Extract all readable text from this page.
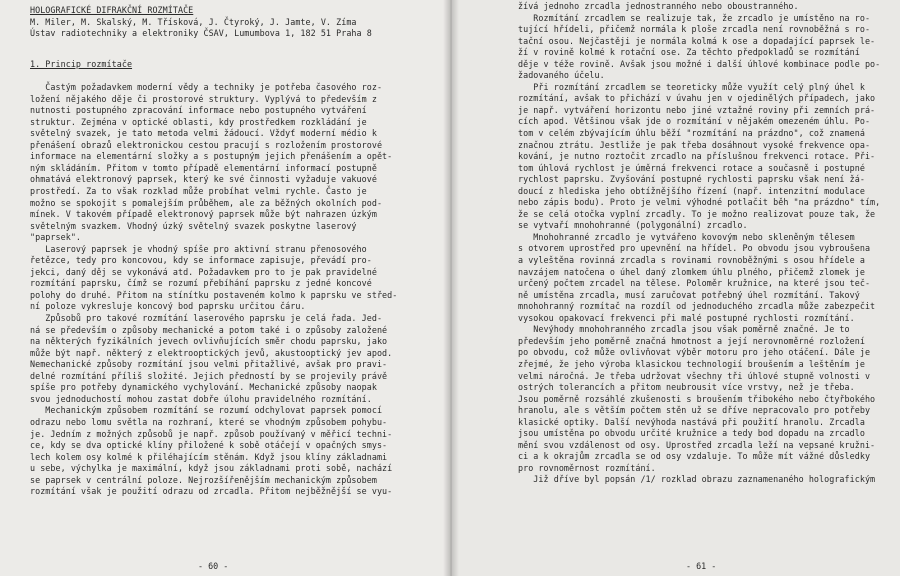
HOLOGRAFICKÉ DIFRAKČNÍ ROZMÍTAČE
M. Miler, M. Skalský, M. Třísková, J. Čtyroký, J. Jamte, V. Zíma
Ústav radiotechniky a elektroniky ČSAV, Lumumbova 1, 182 51 Praha 8
1. Princip rozmítače

Častým požadavkem moderní vědy a techniky je potřeba časového roz-
ložení nějakého děje či prostorové struktury. Vyplývá to především z
nutnosti postupného zpracování informace nebo postupného vytváření
struktur. Zejména v optické oblasti, kdy prostředkem rozkládání je
světelný svazek, je tato metoda velmi žádoucí. Vždyť moderní médio k
přenášení obrazů elektronickou cestou pracují s rozložením prostorové
informace na elementární složky a s postupným jejich přenášením a opět-
ným skládáním. Přitom v tomto případě elementární informací postupně
ohmatává elektronový paprsek, který ke své činnosti vyžaduje vakuové
prostředí. Za to však rozklad může probíhat velmi rychle. Často je
možno se spokojit s pomalejším průběhem, ale za běžných okolních pod-
mínek. V takovém případě elektronový paprsek může být nahrazen úzkým
světelným svazkem. Vhodný úzký světelný svazek poskytne laserový
"paprsek".
Laserový paprsek je vhodný spíše pro aktivní stranu přenosového
řetězce, tedy pro koncovou, kdy se informace zapisuje, převádí pro-
jekci, daný děj se vykonává atd. Požadavkem pro to je pak pravidelné
rozmítání paprsku, čímž se rozumí přebíhání paprsku z jedné koncové
polohy do druhé. Přitom na stínítku postaveném kolmo k paprsku ve střed-
ní poloze vykresluje koncový bod paprsku určitou čáru.
Způsobů pro takové rozmítání laserového paprsku je celá řada. Jed-
ná se především o způsoby mechanické a potom také i o způsoby založené
na některých fyzikálních jevech ovlivňujících směr chodu paprsku, jako
může být např. některý z elektrooptických jevů, akustooptický jev apod.
Nemechanické způsoby rozmítání jsou velmi přitažlivé, avšak pro pravi-
delné rozmítání příliš složité. Jejich předností by se projevily právě
spíše pro potřeby dynamického vychylování. Mechanické způsoby naopak
svou jednoduchostí mohou zastat dobře úlohu pravidelného rozmítání.
Mechanickým způsobem rozmítání se rozumí odchylovat paprsek pomocí
odrazu nebo lomu světla na rozhraní, které se vhodným způsobem pohybu-
je. Jedním z možných způsobů je např. způsob používaný v měřicí techni-
ce, kdy se dva optické klíny přiložené k sobě otáčejí v opačných smys-
lech kolem osy kolmé k přiléhajícím stěnám. Když jsou klíny základnami
u sebe, výchylka je maximální, když jsou základnami proti sobě, nachází
se paprsek v centrální poloze. Nejrozšířenějším mechanickým způsobem
rozmítání však je použití odrazu od zrcadla. Přitom nejběžnější se vyu-
- 60 -
žívá jednoho zrcadla jednostranného nebo oboustranného.
Rozmítání zrcadlem se realizuje tak, že zrcadlo je umístěno na ro-
tující hřídeli, přičemž normála k ploše zrcadla není rovnoběžná s ro-
tační osou. Nejčastěji je normála kolmá k ose a dopadající paprsek le-
ží v rovině kolmé k rotační ose. Za těchto předpokladů se rozmítání
děje v téže rovině. Avšak jsou možné i další úhlové kombinace podle po-
žadovaného účelu.
Při rozmítání zrcadlem se teoreticky může využít celý plný úhel k
rozmítání, avšak to přichází v úvahu jen v ojedinělých případech, jako
je např. vytváření horizontu nebo jiné vztažné roviny při zemních prá-
cích apod. Většinou však jde o rozmítání v nějakém omezeném úhlu. Po-
tom v celém zbývajícím úhlu běží "rozmítání na prázdno", což znamená
značnou ztrátu. Jestliže je pak třeba dosáhnout vysoké frekvence opa-
kování, je nutno roztočit zrcadlo na příslušnou frekvenci rotace. Při-
tom úhlová rychlost je úměrná frekvenci rotace a současně i postupné
rychlost paprsku. Zvyšování postupné rychlosti paprsku však není žá-
doucí z hlediska jeho obtížnějšího řízení (např. intenzitní modulace
nebo zápis bodu). Proto je velmi výhodné potlačit běh "na prázdno" tím,
že se celá otočka vyplní zrcadly. To je možno realizovat pouze tak, že
se vytvaří mnohohranné (polygonální) zrcadlo.
Mnohohranné zrcadlo je vytvářeno kovovým nebo skleněným tělesem
s otvorem uprostřed pro upevnění na hřídel. Po obvodu jsou vybroušena
a vyleštěna rovinná zrcadla s rovinami rovnoběžnými s osou hřídele a
navzájem natočena o úhel daný zlomkem úhlu plného, přičemž zlomek je
určený počtem zrcadel na tělese. Poloměr kružnice, na které jsou teč-
ně umístěna zrcadla, musí zaručovat potřebný úhel rozmítání. Takový
mnohohranný rozmítač na rozdíl od jednoduchého zrcadla může zabezpečit
vysokou opakovací frekvenci při malé postupné rychlosti rozmítání.
Nevýhody mnohohranného zrcadla jsou však poměrně značné. Je to
především jeho poměrně značná hmotnost a její nerovnoměrné rozložení
po obvodu, což může ovlivňovat výběr motoru pro jeho otáčení. Dále je
zřejmé, že jeho výroba klasickou technologií broušením a leštěním je
velmi náročná. Je třeba udržovat všechny tři úhlové stupně volnosti v
ostrých tolerancích a přitom neubrousit více vrstvy, než je třeba.
Jsou poměrně rozsáhlé zkušenosti s broušením třibokého nebo čtyřbokého
hranolu, ale s větším počtem stěn už se dříve nepracovalo pro potřeby
klasické optiky. Další nevýhoda nastává při použití hranolu. Zrcadla
jsou umístěna po obvodu určité kružnice a tedy bod dopadu na zrcadlo
mění svou vzdálenost od osy. Uprostřed zrcadla leží na vepsané kružni-
ci a k okrajům zrcadla se od osy vzdaluje. To může mít vážné důsledky
pro rovnoměrnost rozmítání.
Již dříve byl popsán /1/ rozklad obrazu zaznamenaného holografickým
- 61 -
